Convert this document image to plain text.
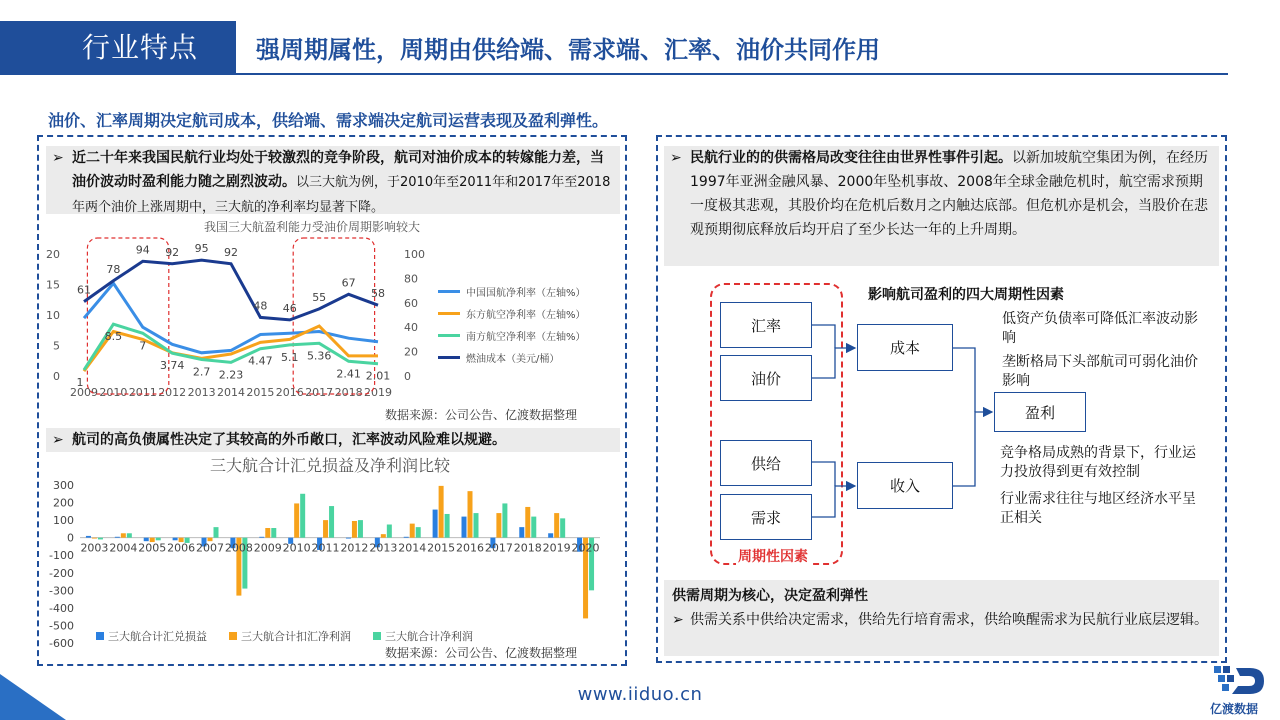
行业特点	强周期属性，周期由供给端、需求端、汇率、油价共同作用
油价、汇率周期决定航司成本，供给端、需求端决定航司运营表现及盈利弹性。
➢ 近二十年来我国民航行业均处于较激烈的竞争阶段，航司对油价成本的转嫁能力差，当油价波动时盈利能力随之剧烈波动。以三大航为例，于2010年至2011年和2017年至2018 年两个油价上涨周期中，三大航的净利率均显著下降。
我国三大航盈利能力受油价周期影响较大
0
5
10
15
20
0
20
40
60
80
100
2009 2010 2011 2012 2013 2014 2015 2016 2017 2018 2019
61
78
94 92 95 92
48 46
55
67
58
1
8.5
7
3.74 2.7 2.23
4.47 5.1 5.36
2.41 2.01
中国国航净利率（左轴%）
东方航空净利率（左轴%）
南方航空净利率（左轴%）
燃油成本（美元/桶）
数据来源：公司公告、亿渡数据整理
➢ 航司的高负债属性决定了其较高的外币敞口，汇率波动风险难以规避。
三大航合计汇兑损益及净利润比较
-600
-500
-400
-300
-200
-100
0
100
200
300
2003 2004 2005 2006 2007 2008 2009 2010 2011 2012 2013 2014 2015 2016 2017 2018 2019 2020
三大航合计汇兑损益	三大航合计扣汇净利润	三大航合计净利润
数据来源：公司公告、亿渡数据整理
➢ 民航行业的的供需格局改变往往由世界性事件引起。以新加坡航空集团为例，在经历1997年亚洲金融风暴、2000年坠机事故、2008年全球金融危机时，航空需求预期一度极其悲观，其股价均在危机后数月之内触达底部。但危机亦是机会，当股价在悲观预期彻底释放后均开启了至少长达一年的上升周期。
影响航司盈利的四大周期性因素
汇率
油价
供给
需求
周期性因素
成本
收入
盈利
低资产负债率可降低汇率波动影响
垄断格局下头部航司可弱化油价影响
竞争格局成熟的背景下，行业运力投放得到更有效控制
行业需求往往与地区经济水平呈正相关
供需周期为核心，决定盈利弹性
➢ 供需关系中供给决定需求，供给先行培育需求，供给唤醒需求为民航行业底层逻辑。
www.iiduo.cn
亿渡数据
